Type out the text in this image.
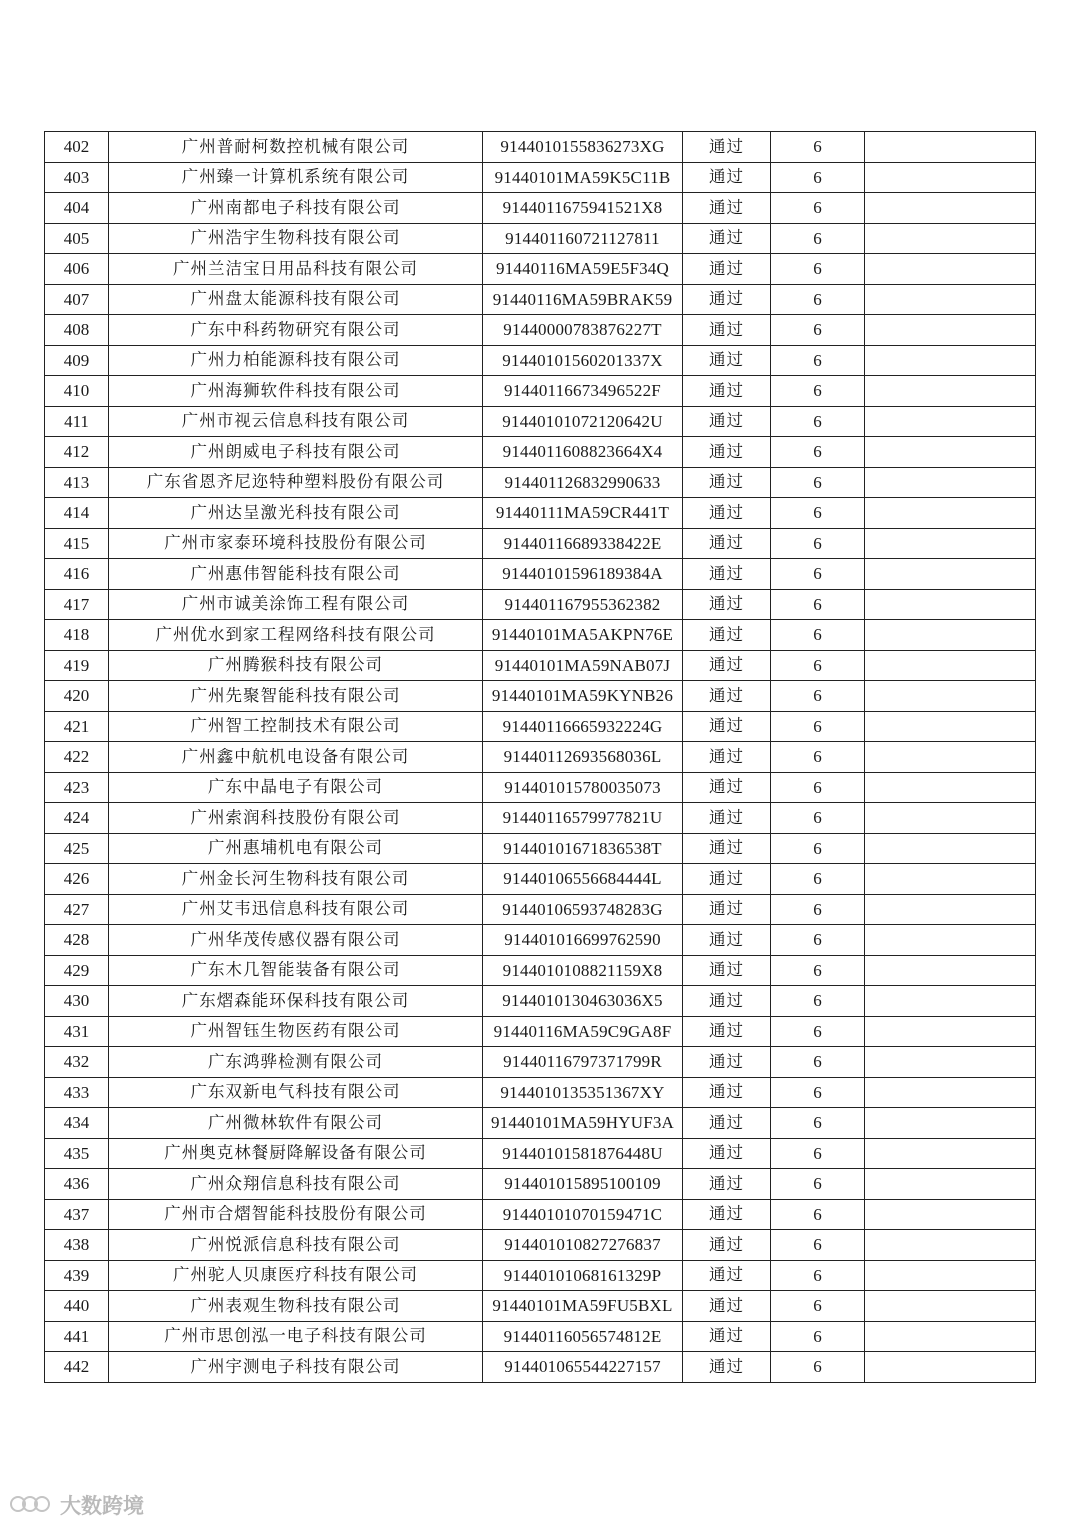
402	广州普耐柯数控机械有限公司	914401015583​6273XG	通过	6	
403	广州臻一计算机系统有限公司	91440101MA59K5C11B	通过	6	
404	广州南都电子科技有限公司	9144011675941521X8	通过	6	
405	广州浩宇生物科技有限公司	914401160721127811	通过	6	
406	广州兰洁宝日用品科技有限公司	91440116MA59E5F34Q	通过	6	
407	广州盘太能源科技有限公司	91440116MA59BRAK59	通过	6	
408	广东中科药物研究有限公司	91440000783876227T	通过	6	
409	广州力柏能源科技有限公司	91440101560201337X	通过	6	
410	广州海狮软件科技有限公司	91440116673496522F	通过	6	
411	广州市视云信息科技有限公司	91440101072120642U	通过	6	
412	广州朗威电子科技有限公司	9144011608823664X4	通过	6	
413	广东省恩齐尼迩特种塑料股份有限公司	914401126832990633	通过	6	
414	广州达呈激光科技有限公司	91440111MA59CR441T	通过	6	
415	广州市家泰环境科技股份有限公司	91440116689338422E	通过	6	
416	广州惠伟智能科技有限公司	91440101596189384A	通过	6	
417	广州市诚美涂饰工程有限公司	914401167955362382	通过	6	
418	广州优水到家工程网络科技有限公司	91440101MA5AKPN76E	通过	6	
419	广州腾猴科技有限公司	91440101MA59NAB07J	通过	6	
420	广州先聚智能科技有限公司	91440101MA59KYNB26	通过	6	
421	广州智工控制技术有限公司	91440116665932224G	通过	6	
422	广州鑫中航机电设备有限公司	91440112693568036L	通过	6	
423	广东中晶电子有限公司	914401015780035073	通过	6	
424	广州索润科技股份有限公司	91440116579977821U	通过	6	
425	广州惠埔机电有限公司	91440101671836538T	通过	6	
426	广州金长河生物科技有限公司	91440106556684444L	通过	6	
427	广州艾韦迅信息科技有限公司	91440106593748283G	通过	6	
428	广州华茂传感仪器有限公司	914401016699762590	通过	6	
429	广东木几智能装备有限公司	9144010108821159X8	通过	6	
430	广东熠森能环保科技有限公司	9144010130463036X5	通过	6	
431	广州智钰生物医药有限公司	91440116MA59C9GA8F	通过	6	
432	广东鸿骅检测有限公司	91440116797371799R	通过	6	
433	广东双新电气科技有限公司	914401013535136​7XY	通过	6	
434	广州微林软件有限公司	91440101MA59HYUF3A	通过	6	
435	广州奥克林餐厨降解设备有限公司	91440101581876448U	通过	6	
436	广州众翔信息科技有限公司	914401015895100109	通过	6	
437	广州市合熠智能科技股份有限公司	91440101070159471C	通过	6	
438	广州悦派信息科技有限公司	914401010827276837	通过	6	
439	广州驼人贝康医疗科技有限公司	91440101068161329P	通过	6	
440	广州表观生物科技有限公司	91440101MA59FU5BXL	通过	6	
441	广州市思创泓一电子科技有限公司	91440116056574812E	通过	6	
442	广州宇测电子科技有限公司	914401065544227157	通过	6	
大数跨境
